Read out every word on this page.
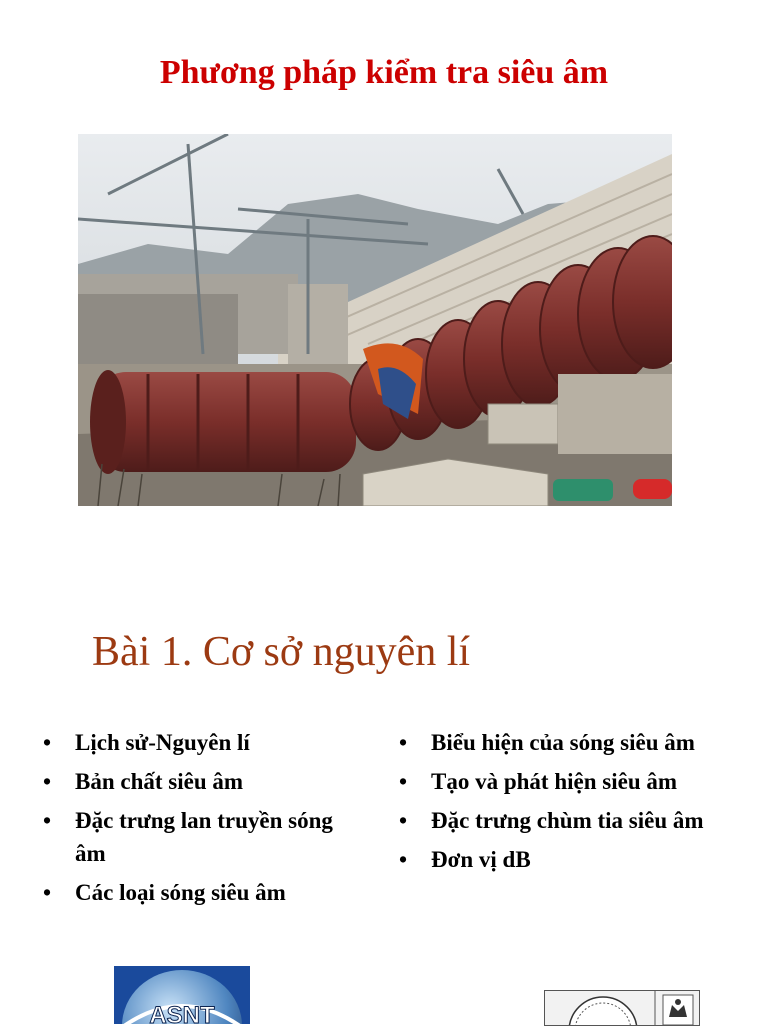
Phương pháp kiểm tra siêu âm
Bài 1. Cơ sở nguyên lí
• Lịch sử-Nguyên lí
• Bản chất siêu âm
• Đặc trưng lan truyền sóng âm
• Các loại sóng siêu âm
• Biểu hiện của sóng siêu âm
• Tạo và phát hiện siêu âm
• Đặc trưng chùm tia siêu âm
• Đơn vị dB
ASNT
